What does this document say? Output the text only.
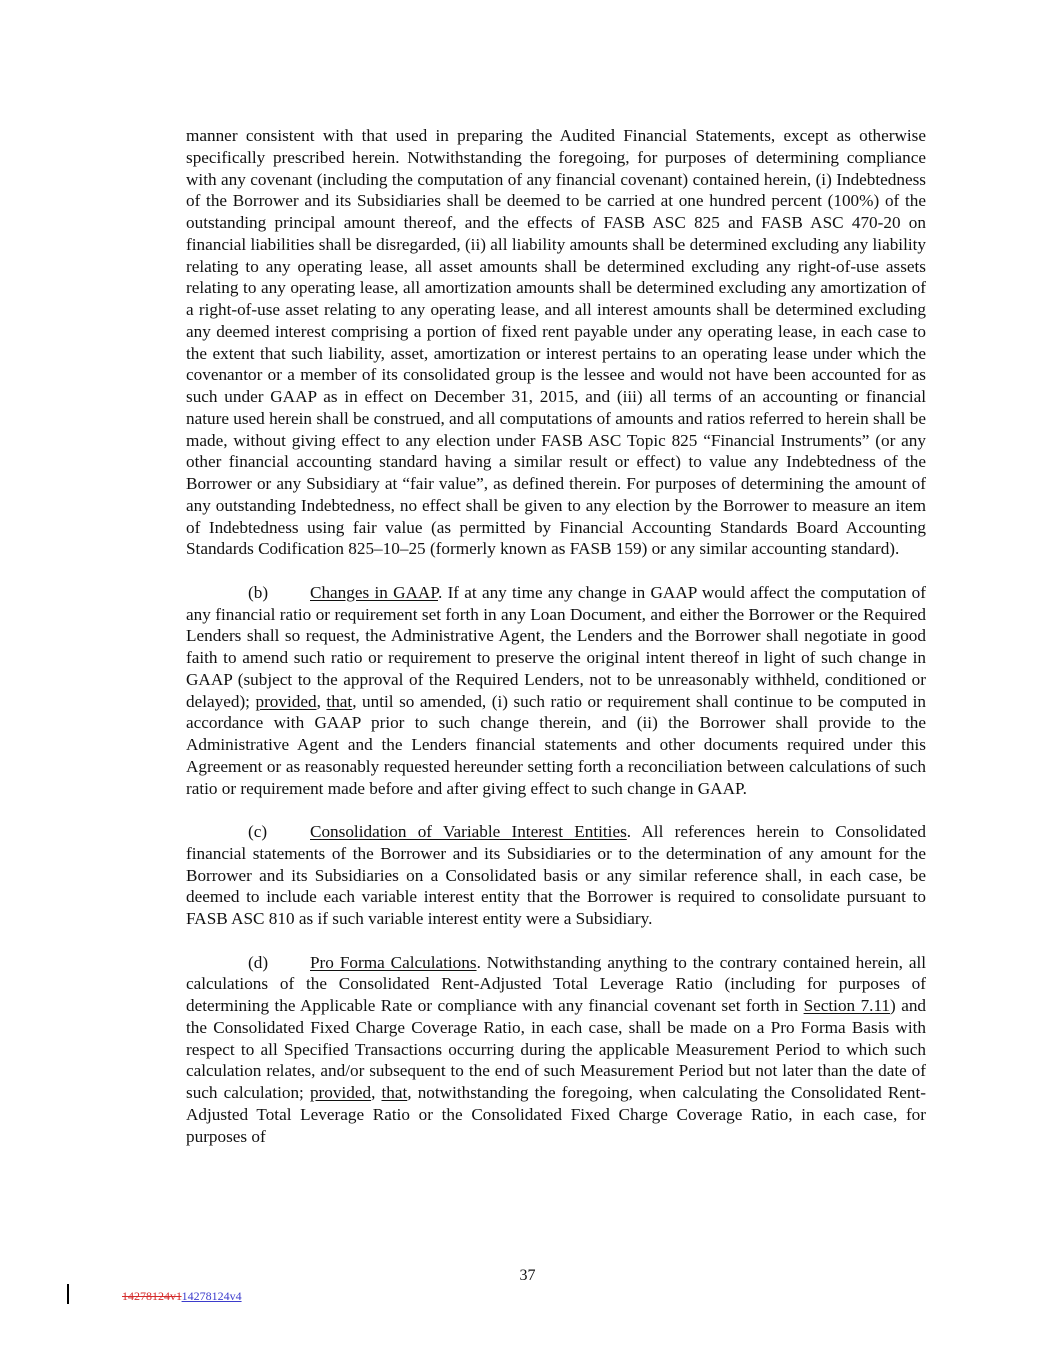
manner consistent with that used in preparing the Audited Financial Statements, except as otherwise specifically prescribed herein. Notwithstanding the foregoing, for purposes of determining compliance with any covenant (including the computation of any financial covenant) contained herein, (i) Indebtedness of the Borrower and its Subsidiaries shall be deemed to be carried at one hundred percent (100%) of the outstanding principal amount thereof, and the effects of FASB ASC 825 and FASB ASC 470-20 on financial liabilities shall be disregarded, (ii) all liability amounts shall be determined excluding any liability relating to any operating lease, all asset amounts shall be determined excluding any right-of-use assets relating to any operating lease, all amortization amounts shall be determined excluding any amortization of a right-of-use asset relating to any operating lease, and all interest amounts shall be determined excluding any deemed interest comprising a portion of fixed rent payable under any operating lease, in each case to the extent that such liability, asset, amortization or interest pertains to an operating lease under which the covenantor or a member of its consolidated group is the lessee and would not have been accounted for as such under GAAP as in effect on December 31, 2015, and (iii) all terms of an accounting or financial nature used herein shall be construed, and all computations of amounts and ratios referred to herein shall be made, without giving effect to any election under FASB ASC Topic 825 “Financial Instruments” (or any other financial accounting standard having a similar result or effect) to value any Indebtedness of the Borrower or any Subsidiary at “fair value”, as defined therein. For purposes of determining the amount of any outstanding Indebtedness, no effect shall be given to any election by the Borrower to measure an item of Indebtedness using fair value (as permitted by Financial Accounting Standards Board Accounting Standards Codification 825–10–25 (formerly known as FASB 159) or any similar accounting standard).

(b) Changes in GAAP. If at any time any change in GAAP would affect the computation of any financial ratio or requirement set forth in any Loan Document, and either the Borrower or the Required Lenders shall so request, the Administrative Agent, the Lenders and the Borrower shall negotiate in good faith to amend such ratio or requirement to preserve the original intent thereof in light of such change in GAAP (subject to the approval of the Required Lenders, not to be unreasonably withheld, conditioned or delayed); provided, that, until so amended, (i) such ratio or requirement shall continue to be computed in accordance with GAAP prior to such change therein, and (ii) the Borrower shall provide to the Administrative Agent and the Lenders financial statements and other documents required under this Agreement or as reasonably requested hereunder setting forth a reconciliation between calculations of such ratio or requirement made before and after giving effect to such change in GAAP.

(c) Consolidation of Variable Interest Entities. All references herein to Consolidated financial statements of the Borrower and its Subsidiaries or to the determination of any amount for the Borrower and its Subsidiaries on a Consolidated basis or any similar reference shall, in each case, be deemed to include each variable interest entity that the Borrower is required to consolidate pursuant to FASB ASC 810 as if such variable interest entity were a Subsidiary.

(d) Pro Forma Calculations. Notwithstanding anything to the contrary contained herein, all calculations of the Consolidated Rent-Adjusted Total Leverage Ratio (including for purposes of determining the Applicable Rate or compliance with any financial covenant set forth in Section 7.11) and the Consolidated Fixed Charge Coverage Ratio, in each case, shall be made on a Pro Forma Basis with respect to all Specified Transactions occurring during the applicable Measurement Period to which such calculation relates, and/or subsequent to the end of such Measurement Period but not later than the date of such calculation; provided, that, notwithstanding the foregoing, when calculating the Consolidated Rent-Adjusted Total Leverage Ratio or the Consolidated Fixed Charge Coverage Ratio, in each case, for purposes of

37
14278124v114278124v4
